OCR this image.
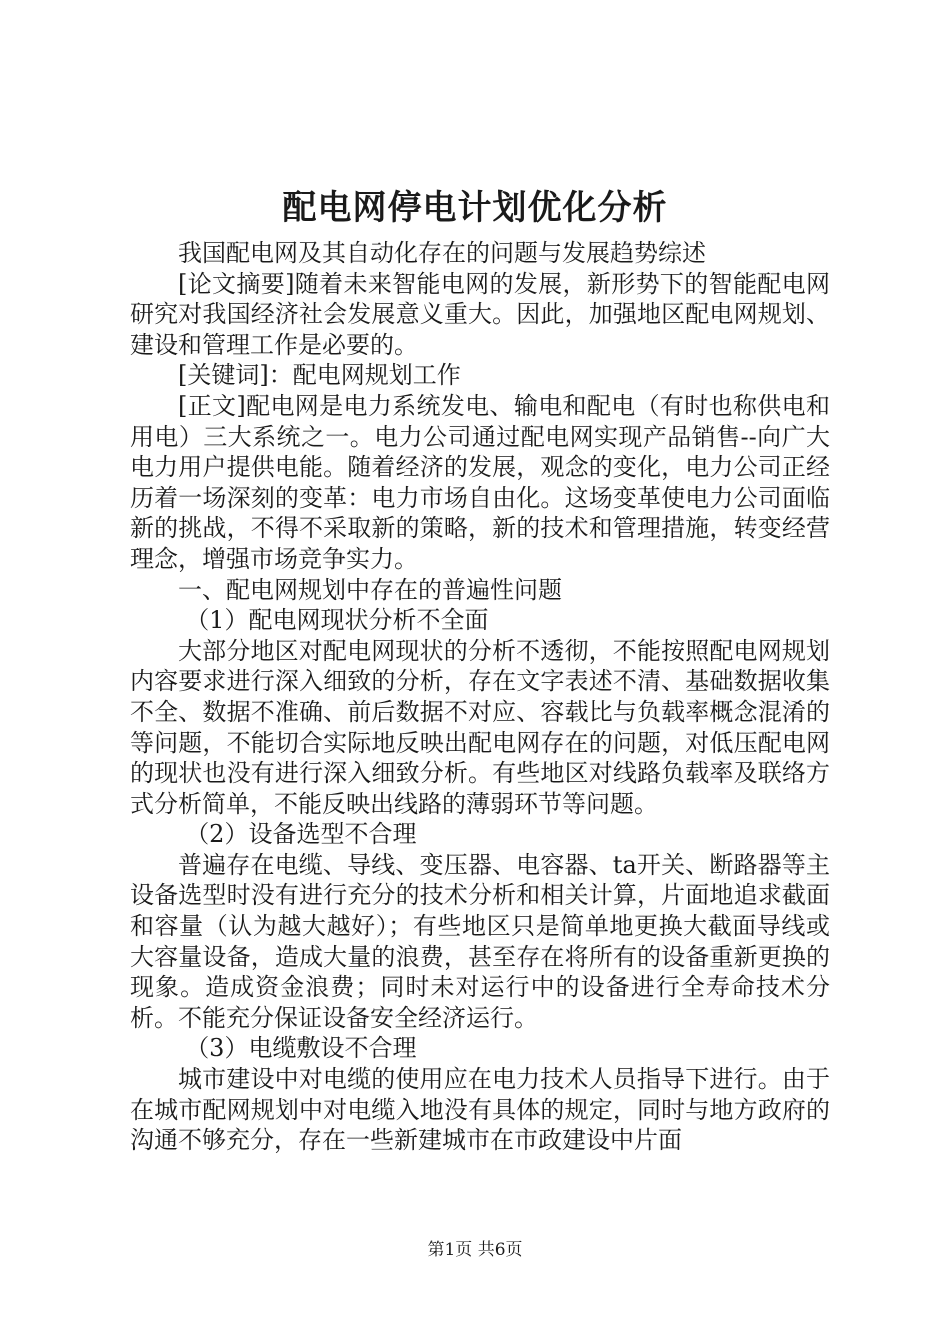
配电网停电计划优化分析

我国配电网及其自动化存在的问题与发展趋势综述

[论文摘要]随着未来智能电网的发展，新形势下的智能配电网研究对我国经济社会发展意义重大。因此，加强地区配电网规划、建设和管理工作是必要的。

[关键词]：配电网规划工作

[正文]配电网是电力系统发电、输电和配电（有时也称供电和用电）三大系统之一。电力公司通过配电网实现产品销售--向广大电力用户提供电能。随着经济的发展，观念的变化，电力公司正经历着一场深刻的变革：电力市场自由化。这场变革使电力公司面临新的挑战，不得不采取新的策略，新的技术和管理措施，转变经营理念，增强市场竞争实力。

一、配电网规划中存在的普遍性问题

（1）配电网现状分析不全面

大部分地区对配电网现状的分析不透彻，不能按照配电网规划内容要求进行深入细致的分析，存在文字表述不清、基础数据收集不全、数据不准确、前后数据不对应、容载比与负载率概念混淆的等问题，不能切合实际地反映出配电网存在的问题，对低压配电网的现状也没有进行深入细致分析。有些地区对线路负载率及联络方式分析简单，不能反映出线路的薄弱环节等问题。

（2）设备选型不合理

普遍存在电缆、导线、变压器、电容器、ta开关、断路器等主设备选型时没有进行充分的技术分析和相关计算，片面地追求截面和容量（认为越大越好）；有些地区只是简单地更换大截面导线或大容量设备，造成大量的浪费，甚至存在将所有的设备重新更换的现象。造成资金浪费；同时未对运行中的设备进行全寿命技术分析。不能充分保证设备安全经济运行。

（3）电缆敷设不合理

城市建设中对电缆的使用应在电力技术人员指导下进行。由于在城市配网规划中对电缆入地没有具体的规定，同时与地方政府的沟通不够充分，存在一些新建城市在市政建设中片面

第1页 共6页
